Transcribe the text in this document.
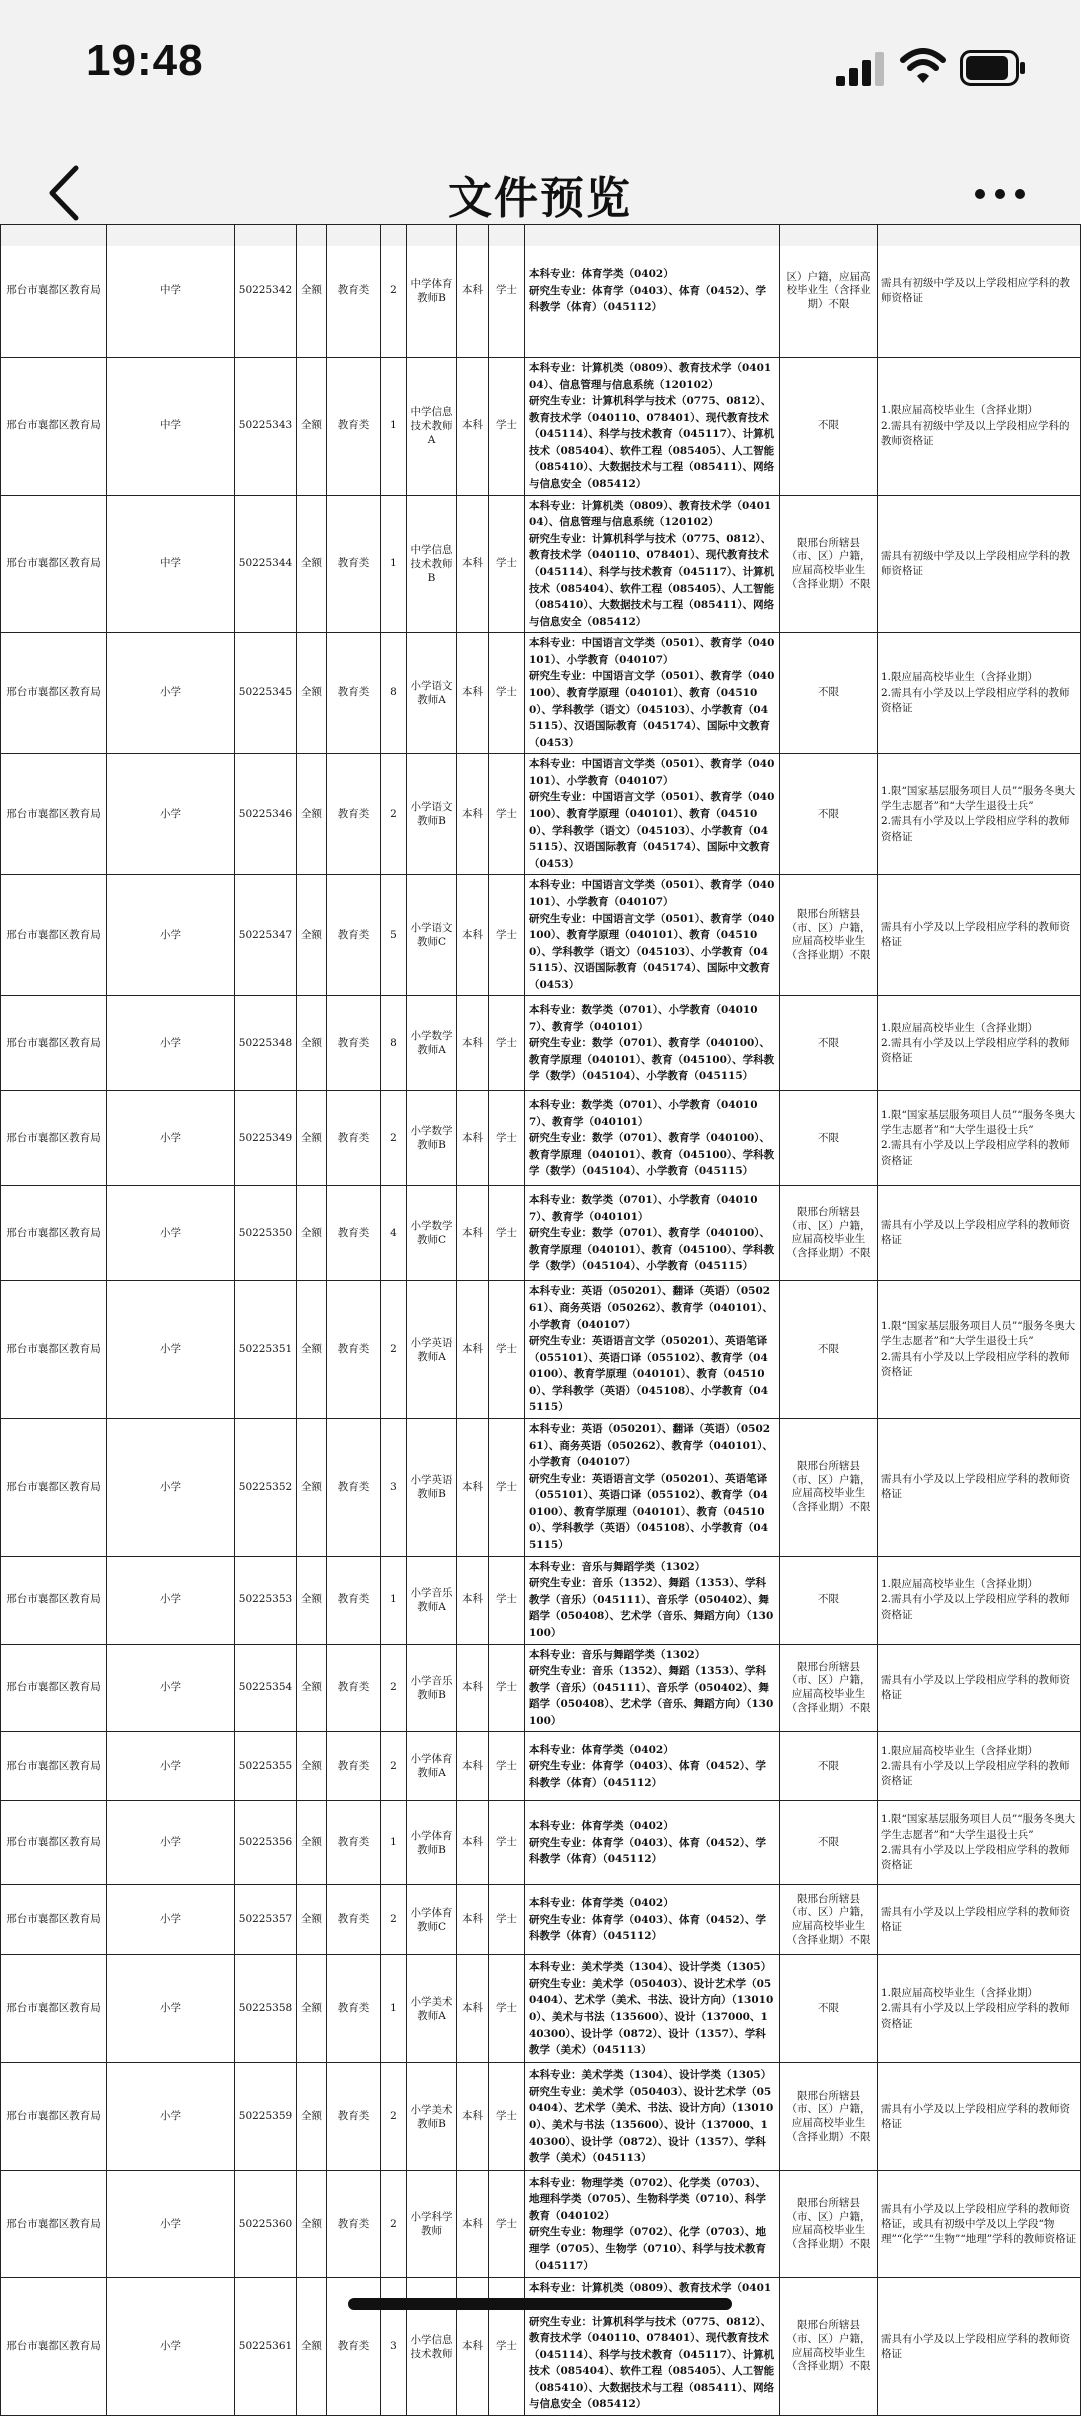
19:48
文件预览
邢台市襄都区教育局	中学	50225342	全额	教育类	2	中学体育教师B	本科	学士	本科专业：体育学类（0402）
研究生专业：体育学（0403）、体育（0452）、学科教学（体育）（045112）	区）户籍，应届高校毕业生（含择业期）不限	需具有初级中学及以上学段相应学科的教师资格证
邢台市襄都区教育局	中学	50225343	全额	教育类	1	中学信息技术教师A	本科	学士	本科专业：计算机类（0809）、教育技术学（040104）、信息管理与信息系统（120102）
研究生专业：计算机科学与技术（0775、0812）、教育技术学（040110、078401）、现代教育技术（045114）、科学与技术教育（045117）、计算机技术（085404）、软件工程（085405）、人工智能（085410）、大数据技术与工程（085411）、网络与信息安全（085412）	不限	1.限应届高校毕业生（含择业期）
2.需具有初级中学及以上学段相应学科的教师资格证
邢台市襄都区教育局	中学	50225344	全额	教育类	1	中学信息技术教师B	本科	学士	本科专业：计算机类（0809）、教育技术学（040104）、信息管理与信息系统（120102）
研究生专业：计算机科学与技术（0775、0812）、教育技术学（040110、078401）、现代教育技术（045114）、科学与技术教育（045117）、计算机技术（085404）、软件工程（085405）、人工智能（085410）、大数据技术与工程（085411）、网络与信息安全（085412）	限邢台所辖县（市、区）户籍，应届高校毕业生（含择业期）不限	需具有初级中学及以上学段相应学科的教师资格证
邢台市襄都区教育局	小学	50225345	全额	教育类	8	小学语文教师A	本科	学士	本科专业：中国语言文学类（0501）、教育学（040101）、小学教育（040107）
研究生专业：中国语言文学（0501）、教育学（040100）、教育学原理（040101）、教育（045100）、学科教学（语文）（045103）、小学教育（045115）、汉语国际教育（045174）、国际中文教育（0453）	不限	1.限应届高校毕业生（含择业期）
2.需具有小学及以上学段相应学科的教师资格证
邢台市襄都区教育局	小学	50225346	全额	教育类	2	小学语文教师B	本科	学士	本科专业：中国语言文学类（0501）、教育学（040101）、小学教育（040107）
研究生专业：中国语言文学（0501）、教育学（040100）、教育学原理（040101）、教育（045100）、学科教学（语文）（045103）、小学教育（045115）、汉语国际教育（045174）、国际中文教育（0453）	不限	1.限“国家基层服务项目人员”“服务冬奥大学生志愿者”和“大学生退役士兵”
2.需具有小学及以上学段相应学科的教师资格证
邢台市襄都区教育局	小学	50225347	全额	教育类	5	小学语文教师C	本科	学士	本科专业：中国语言文学类（0501）、教育学（040101）、小学教育（040107）
研究生专业：中国语言文学（0501）、教育学（040100）、教育学原理（040101）、教育（045100）、学科教学（语文）（045103）、小学教育（045115）、汉语国际教育（045174）、国际中文教育（0453）	限邢台所辖县（市、区）户籍，应届高校毕业生（含择业期）不限	需具有小学及以上学段相应学科的教师资格证
邢台市襄都区教育局	小学	50225348	全额	教育类	8	小学数学教师A	本科	学士	本科专业：数学类（0701）、小学教育（040107）、教育学（040101）
研究生专业：数学（0701）、教育学（040100）、教育学原理（040101）、教育（045100）、学科教学（数学）（045104）、小学教育（045115）	不限	1.限应届高校毕业生（含择业期）
2.需具有小学及以上学段相应学科的教师资格证
邢台市襄都区教育局	小学	50225349	全额	教育类	2	小学数学教师B	本科	学士	本科专业：数学类（0701）、小学教育（040107）、教育学（040101）
研究生专业：数学（0701）、教育学（040100）、教育学原理（040101）、教育（045100）、学科教学（数学）（045104）、小学教育（045115）	不限	1.限“国家基层服务项目人员”“服务冬奥大学生志愿者”和“大学生退役士兵”
2.需具有小学及以上学段相应学科的教师资格证
邢台市襄都区教育局	小学	50225350	全额	教育类	4	小学数学教师C	本科	学士	本科专业：数学类（0701）、小学教育（040107）、教育学（040101）
研究生专业：数学（0701）、教育学（040100）、教育学原理（040101）、教育（045100）、学科教学（数学）（045104）、小学教育（045115）	限邢台所辖县（市、区）户籍，应届高校毕业生（含择业期）不限	需具有小学及以上学段相应学科的教师资格证
邢台市襄都区教育局	小学	50225351	全额	教育类	2	小学英语教师A	本科	学士	本科专业：英语（050201）、翻译（英语）（050261）、商务英语（050262）、教育学（040101）、小学教育（040107）
研究生专业：英语语言文学（050201）、英语笔译（055101）、英语口译（055102）、教育学（040100）、教育学原理（040101）、教育（045100）、学科教学（英语）（045108）、小学教育（045115）	不限	1.限“国家基层服务项目人员”“服务冬奥大学生志愿者”和“大学生退役士兵”
2.需具有小学及以上学段相应学科的教师资格证
邢台市襄都区教育局	小学	50225352	全额	教育类	3	小学英语教师B	本科	学士	本科专业：英语（050201）、翻译（英语）（050261）、商务英语（050262）、教育学（040101）、小学教育（040107）
研究生专业：英语语言文学（050201）、英语笔译（055101）、英语口译（055102）、教育学（040100）、教育学原理（040101）、教育（045100）、学科教学（英语）（045108）、小学教育（045115）	限邢台所辖县（市、区）户籍，应届高校毕业生（含择业期）不限	需具有小学及以上学段相应学科的教师资格证
邢台市襄都区教育局	小学	50225353	全额	教育类	1	小学音乐教师A	本科	学士	本科专业：音乐与舞蹈学类（1302）
研究生专业：音乐（1352）、舞蹈（1353）、学科教学（音乐）（045111）、音乐学（050402）、舞蹈学（050408）、艺术学（音乐、舞蹈方向）（130100）	不限	1.限应届高校毕业生（含择业期）
2.需具有小学及以上学段相应学科的教师资格证
邢台市襄都区教育局	小学	50225354	全额	教育类	2	小学音乐教师B	本科	学士	本科专业：音乐与舞蹈学类（1302）
研究生专业：音乐（1352）、舞蹈（1353）、学科教学（音乐）（045111）、音乐学（050402）、舞蹈学（050408）、艺术学（音乐、舞蹈方向）（130100）	限邢台所辖县（市、区）户籍，应届高校毕业生（含择业期）不限	需具有小学及以上学段相应学科的教师资格证
邢台市襄都区教育局	小学	50225355	全额	教育类	2	小学体育教师A	本科	学士	本科专业：体育学类（0402）
研究生专业：体育学（0403）、体育（0452）、学科教学（体育）（045112）	不限	1.限应届高校毕业生（含择业期）
2.需具有小学及以上学段相应学科的教师资格证
邢台市襄都区教育局	小学	50225356	全额	教育类	1	小学体育教师B	本科	学士	本科专业：体育学类（0402）
研究生专业：体育学（0403）、体育（0452）、学科教学（体育）（045112）	不限	1.限“国家基层服务项目人员”“服务冬奥大学生志愿者”和“大学生退役士兵”
2.需具有小学及以上学段相应学科的教师资格证
邢台市襄都区教育局	小学	50225357	全额	教育类	2	小学体育教师C	本科	学士	本科专业：体育学类（0402）
研究生专业：体育学（0403）、体育（0452）、学科教学（体育）（045112）	限邢台所辖县（市、区）户籍，应届高校毕业生（含择业期）不限	需具有小学及以上学段相应学科的教师资格证
邢台市襄都区教育局	小学	50225358	全额	教育类	1	小学美术教师A	本科	学士	本科专业：美术学类（1304）、设计学类（1305）
研究生专业：美术学（050403）、设计艺术学（050404）、艺术学（美术、书法、设计方向）（130100）、美术与书法（135600）、设计（137000、140300）、设计学（0872）、设计（1357）、学科教学（美术）（045113）	不限	1.限应届高校毕业生（含择业期）
2.需具有小学及以上学段相应学科的教师资格证
邢台市襄都区教育局	小学	50225359	全额	教育类	2	小学美术教师B	本科	学士	本科专业：美术学类（1304）、设计学类（1305）
研究生专业：美术学（050403）、设计艺术学（050404）、艺术学（美术、书法、设计方向）（130100）、美术与书法（135600）、设计（137000、140300）、设计学（0872）、设计（1357）、学科教学（美术）（045113）	限邢台所辖县（市、区）户籍，应届高校毕业生（含择业期）不限	需具有小学及以上学段相应学科的教师资格证
邢台市襄都区教育局	小学	50225360	全额	教育类	2	小学科学教师	本科	学士	本科专业：物理学类（0702）、化学类（0703）、地理科学类（0705）、生物科学类（0710）、科学教育（040102）
研究生专业：物理学（0702）、化学（0703）、地理学（0705）、生物学（0710）、科学与技术教育（045117）	限邢台所辖县（市、区）户籍，应届高校毕业生（含择业期）不限	需具有小学及以上学段相应学科的教师资格证，或具有初级中学及以上学段“物理”“化学”“生物”“地理”学科的教师资格证
邢台市襄都区教育局	小学	50225361	全额	教育类	3	小学信息技术教师	本科	学士	本科专业：计算机类（0809）、教育技术学（0401
研究生专业：计算机科学与技术（0775、0812）、教育技术学（040110、078401）、现代教育技术（045114）、科学与技术教育（045117）、计算机技术（085404）、软件工程（085405）、人工智能（085410）、大数据技术与工程（085411）、网络与信息安全（085412）	限邢台所辖县（市、区）户籍，应届高校毕业生（含择业期）不限	需具有小学及以上学段相应学科的教师资格证
